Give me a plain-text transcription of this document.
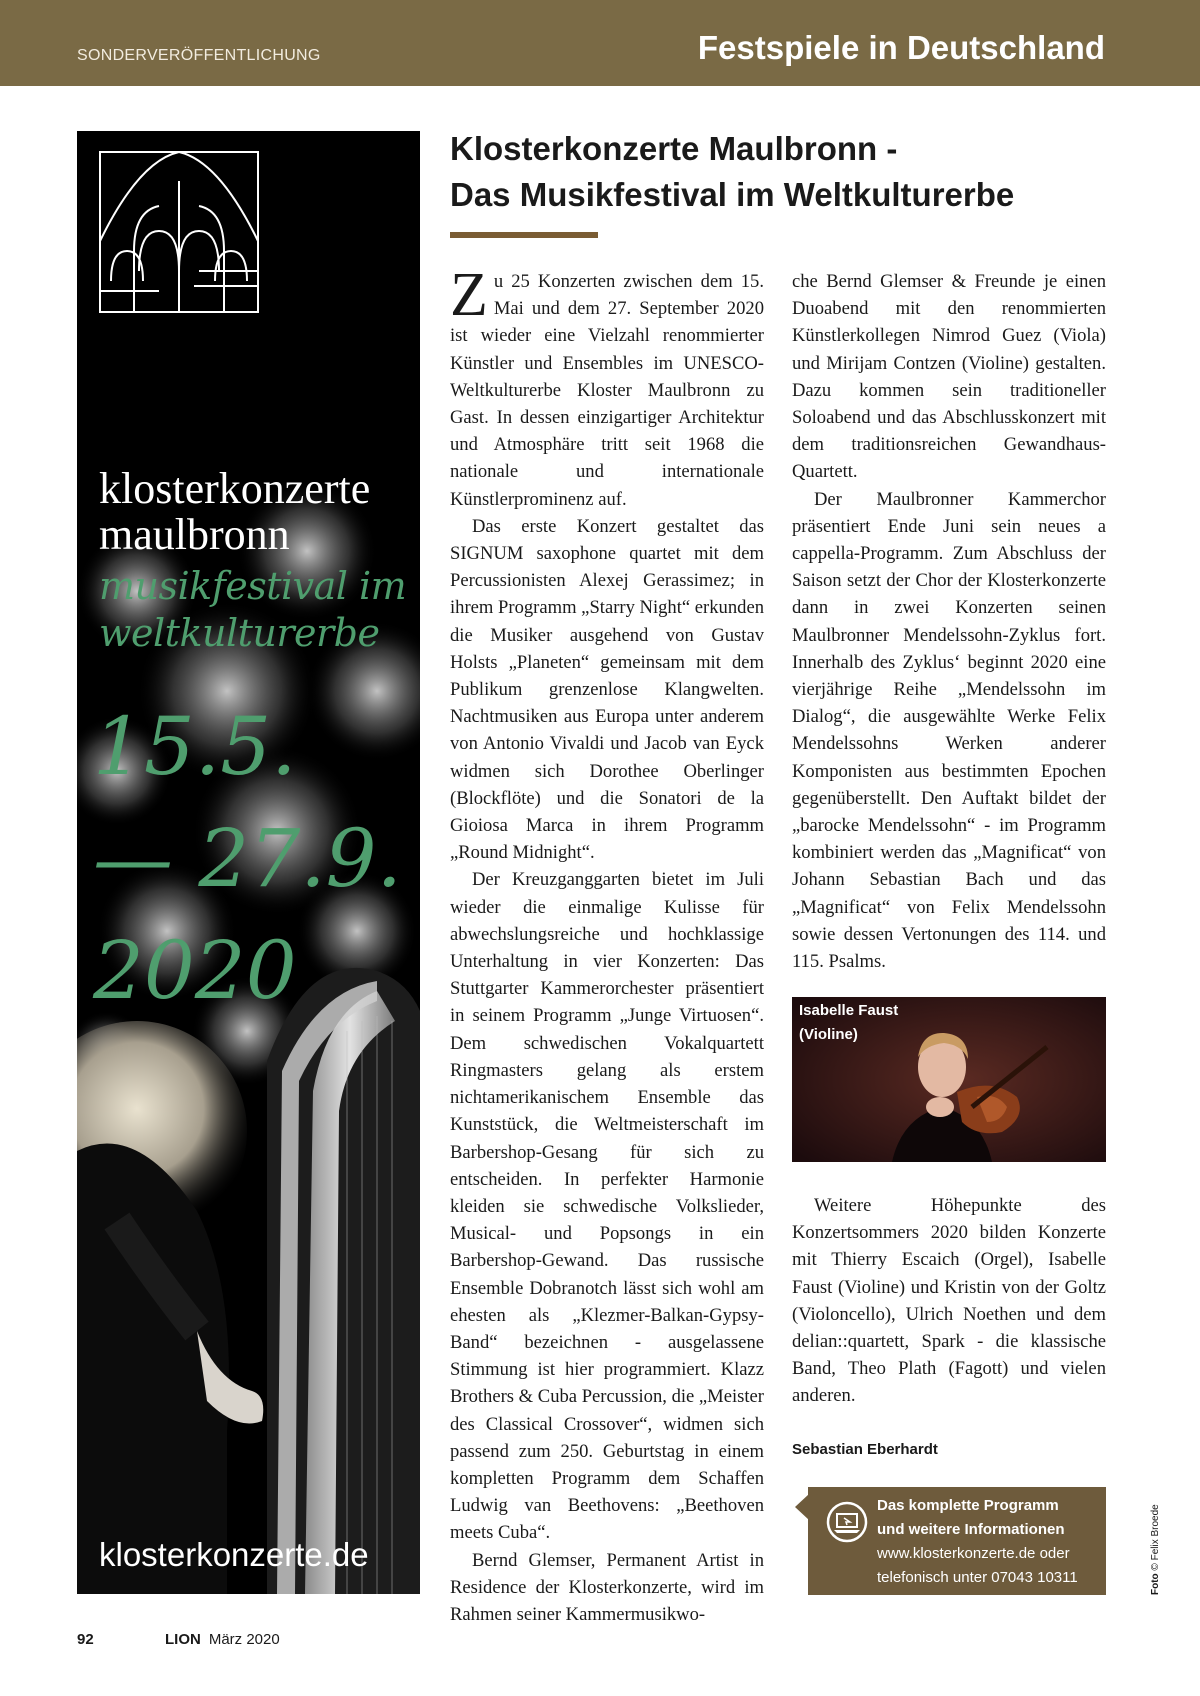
SONDERVERÖFFENTLICHUNG	Festspiele in Deutschland
klosterkonzerte
maulbronn
musikfestival im
weltkulturerbe
15.5.
— 27.9.
2020
klosterkonzerte.de
Klosterkonzerte Maulbronn -
Das Musikfestival im Weltkulturerbe

Zu 25 Konzerten zwischen dem 15. Mai und dem 27. September 2020 ist wieder eine Vielzahl renommierter Künstler und Ensembles im UNESCO-Weltkulturerbe Kloster Maulbronn zu Gast. In dessen einzigartiger Architektur und Atmosphäre tritt seit 1968 die nationale und internationale Künstlerprominenz auf.

Das erste Konzert gestaltet das SIGNUM saxophone quartet mit dem Percussionisten Alexej Gerassimez; in ihrem Programm „Starry Night“ erkunden die Musiker ausgehend von Gustav Holsts „Planeten“ gemeinsam mit dem Publikum grenzenlose Klangwelten. Nachtmusiken aus Europa unter anderem von Antonio Vivaldi und Jacob van Eyck widmen sich Dorothee Oberlinger (Blockflöte) und die Sonatori de la Gioiosa Marca in ihrem Programm „Round Midnight“.

Der Kreuzganggarten bietet im Juli wieder die einmalige Kulisse für abwechslungsreiche und hochklassige Unterhaltung in vier Konzerten: Das Stuttgarter Kammerorchester präsentiert in seinem Programm „Junge Virtuosen“. Dem schwedischen Vokalquartett Ringmasters gelang als erstem nichtamerikanischem Ensemble das Kunststück, die Weltmeisterschaft im Barbershop-Gesang für sich zu entscheiden. In perfekter Harmonie kleiden sie schwedische Volkslieder, Musical- und Popsongs in ein Barbershop-Gewand. Das russische Ensemble Dobranotch lässt sich wohl am ehesten als „Klezmer-Balkan-Gypsy-Band“ bezeichnen - ausgelassene Stimmung ist hier programmiert. Klazz Brothers & Cuba Percussion, die „Meister des Classical Crossover“, widmen sich passend zum 250. Geburtstag in einem kompletten Programm dem Schaffen Ludwig van Beethovens: „Beethoven meets Cuba“.

Bernd Glemser, Permanent Artist in Residence der Klosterkonzerte, wird im Rahmen seiner Kammermusikwo-

che Bernd Glemser & Freunde je einen Duoabend mit den renommierten Künstlerkollegen Nimrod Guez (Viola) und Mirijam Contzen (Violine) gestalten. Dazu kommen sein traditioneller Soloabend und das Abschlusskonzert mit dem traditionsreichen Gewandhaus-Quartett.

Der Maulbronner Kammerchor präsentiert Ende Juni sein neues a cappella-Programm. Zum Abschluss der Saison setzt der Chor der Klosterkonzerte dann in zwei Konzerten seinen Maulbronner Mendelssohn-Zyklus fort. Innerhalb des Zyklus‘ beginnt 2020 eine vierjährige Reihe „Mendelssohn im Dialog“, die ausgewählte Werke Felix Mendelssohns Werken anderer Komponisten aus bestimmten Epochen gegenüberstellt. Den Auftakt bildet der „barocke Mendelssohn“ - im Programm kombiniert werden das „Magnificat“ von Johann Sebastian Bach und das „Magnificat“ von Felix Mendelssohn sowie dessen Vertonungen des 114. und 115. Psalms.

Isabelle Faust
(Violine)

Weitere Höhepunkte des Konzertsommers 2020 bilden Konzerte mit Thierry Escaich (Orgel), Isabelle Faust (Violine) und Kristin von der Goltz (Violoncello), Ulrich Noethen und dem delian::quartett, Spark - die klassische Band, Theo Plath (Fagott) und vielen anderen.

Sebastian Eberhardt
Das komplette Programm
und weitere Informationen
www.klosterkonzerte.de oder
telefonisch unter 07043 10311	Foto © Felix Broede
92	LION März 2020
